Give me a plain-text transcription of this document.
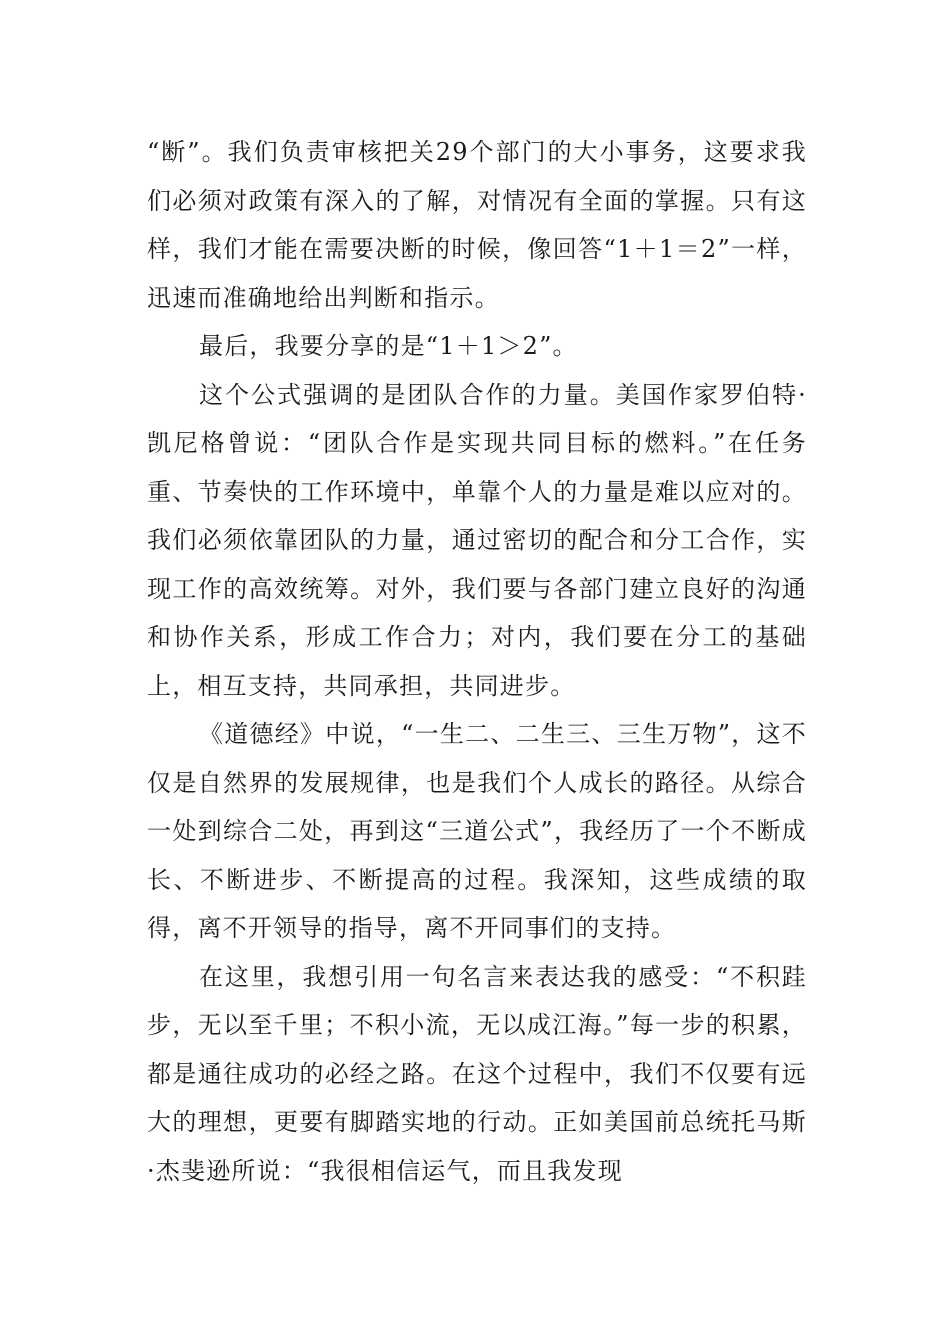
“断”。我们负责审核把关29个部门的大小事务，这要求我们必须对政策有深入的了解，对情况有全面的掌握。只有这样，我们才能在需要决断的时候，像回答“1＋1＝2”一样，迅速而准确地给出判断和指示。

最后，我要分享的是“1＋1＞2”。

这个公式强调的是团队合作的力量。美国作家罗伯特·凯尼格曾说：“团队合作是实现共同目标的燃料。”在任务重、节奏快的工作环境中，单靠个人的力量是难以应对的。我们必须依靠团队的力量，通过密切的配合和分工合作，实现工作的高效统筹。对外，我们要与各部门建立良好的沟通和协作关系，形成工作合力；对内，我们要在分工的基础上，相互支持，共同承担，共同进步。

《道德经》中说，“一生二、二生三、三生万物”，这不仅是自然界的发展规律，也是我们个人成长的路径。从综合一处到综合二处，再到这“三道公式”，我经历了一个不断成长、不断进步、不断提高的过程。我深知，这些成绩的取得，离不开领导的指导，离不开同事们的支持。

在这里，我想引用一句名言来表达我的感受：“不积跬步，无以至千里；不积小流，无以成江海。”每一步的积累，都是通往成功的必经之路。在这个过程中，我们不仅要有远大的理想，更要有脚踏实地的行动。正如美国前总统托马斯·杰斐逊所说：“我很相信运气，而且我发现
